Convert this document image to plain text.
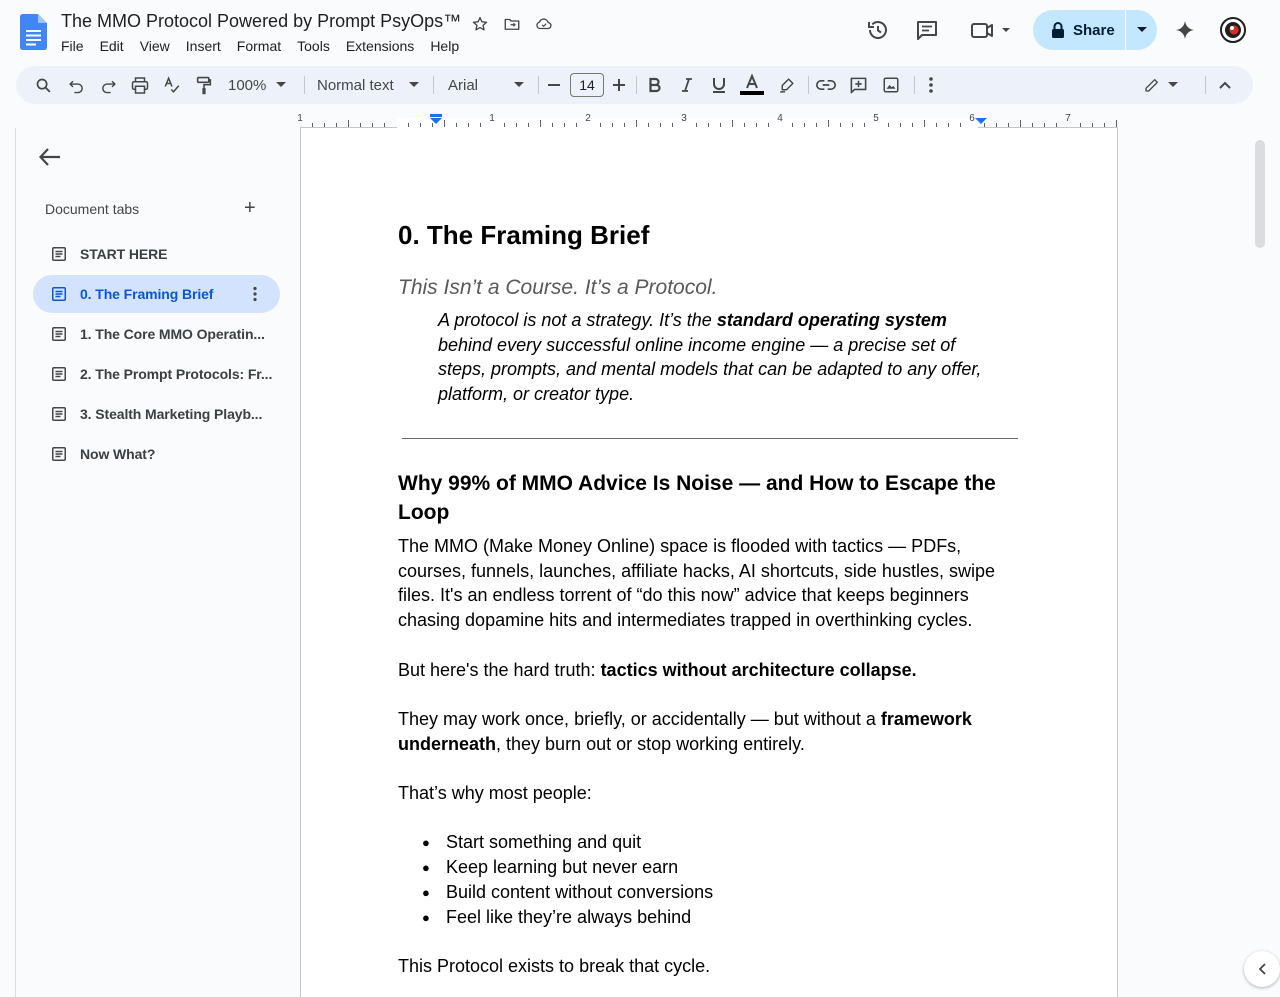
The MMO Protocol Powered by Prompt PsyOps™
File	Edit	View	Insert	Format	Tools	Extensions	Help
Share
100%	Normal text	Arial	14
1	1	2	3	4	5	6	7
Document tabs	+
START HERE
0. The Framing Brief
1. The Core MMO Operatin...
2. The Prompt Protocols: Fr...
3. Stealth Marketing Playb...
Now What?
0. The Framing Brief
This Isn’t a Course. It’s a Protocol.
A protocol is not a strategy. It’s the standard operating system behind every successful online income engine — a precise set of steps, prompts, and mental models that can be adapted to any offer, platform, or creator type.
Why 99% of MMO Advice Is Noise — and How to Escape the Loop
The MMO (Make Money Online) space is flooded with tactics — PDFs, courses, funnels, launches, affiliate hacks, AI shortcuts, side hustles, swipe files. It's an endless torrent of “do this now” advice that keeps beginners chasing dopamine hits and intermediates trapped in overthinking cycles.
But here's the hard truth: tactics without architecture collapse.
They may work once, briefly, or accidentally — but without a framework underneath, they burn out or stop working entirely.
That’s why most people:
● Start something and quit
● Keep learning but never earn
● Build content without conversions
● Feel like they’re always behind
This Protocol exists to break that cycle.
